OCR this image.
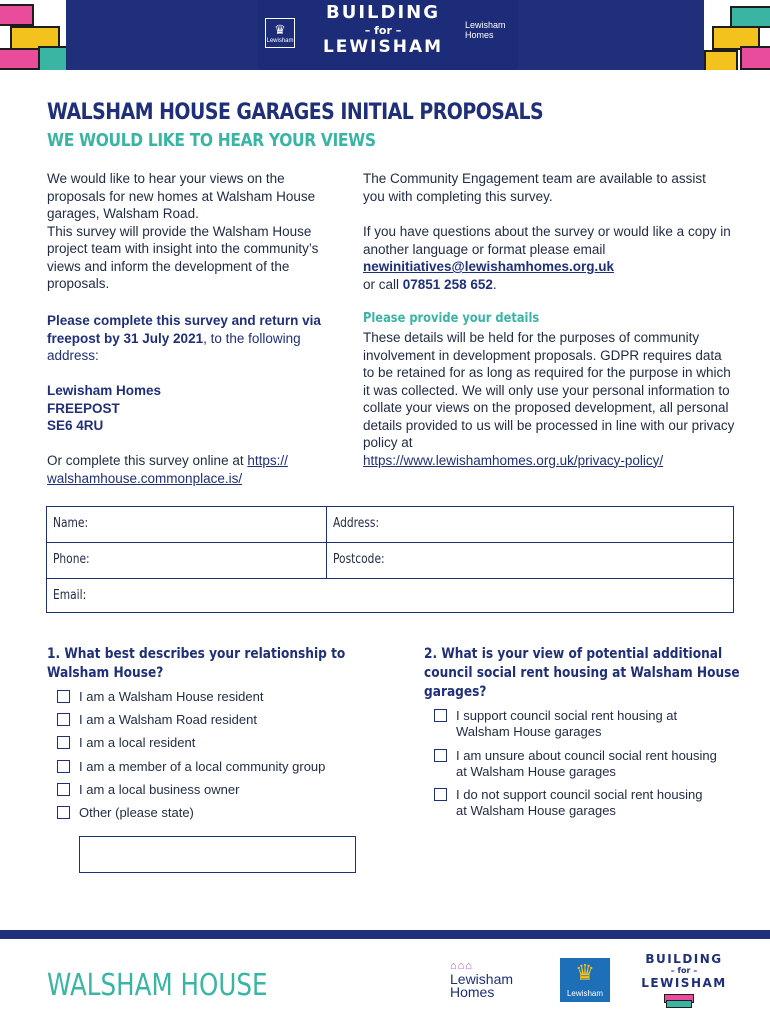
♛ Lewisham
BUILDING
– for –
LEWISHAM
Lewisham
Homes
WALSHAM HOUSE GARAGES INITIAL PROPOSALS
WE WOULD LIKE TO HEAR YOUR VIEWS
We would like to hear your views on the proposals for new homes at Walsham House garages, Walsham Road.
This survey will provide the Walsham House project team with insight into the community’s views and inform the development of the proposals.
Please complete this survey and return via freepost by 31 July 2021, to the following address:
Lewisham Homes
FREEPOST
SE6 4RU
Or complete this survey online at https:// walshamhouse.commonplace.is/
The Community Engagement team are available to assist you with completing this survey.
If you have questions about the survey or would like a copy in another language or format please email
newinitiatives@lewishamhomes.org.uk
or call 07851 258 652.
Please provide your details
These details will be held for the purposes of community involvement in development proposals. GDPR requires data to be retained for as long as required for the purpose in which it was collected. We will only use your personal information to collate your views on the proposed development, all personal details provided to us will be processed in line with our privacy policy at
https://www.lewishamhomes.org.uk/privacy-policy/
Name:	Address:
Phone:	Postcode:
Email:
1. What best describes your relationship to
Walsham House?
I am a Walsham House resident
I am a Walsham Road resident
I am a local resident
I am a member of a local community group
I am a local business owner
Other (please state)
2. What is your view of potential additional
council social rent housing at Walsham House
garages?
I support council social rent housing at
Walsham House garages
I am unsure about council social rent housing
at Walsham House garages
I do not support council social rent housing
at Walsham House garages
WALSHAM HOUSE
⌂⌂⌂
Lewisham
Homes
♛	Lewisham
BUILDING
– for –
LEWISHAM
